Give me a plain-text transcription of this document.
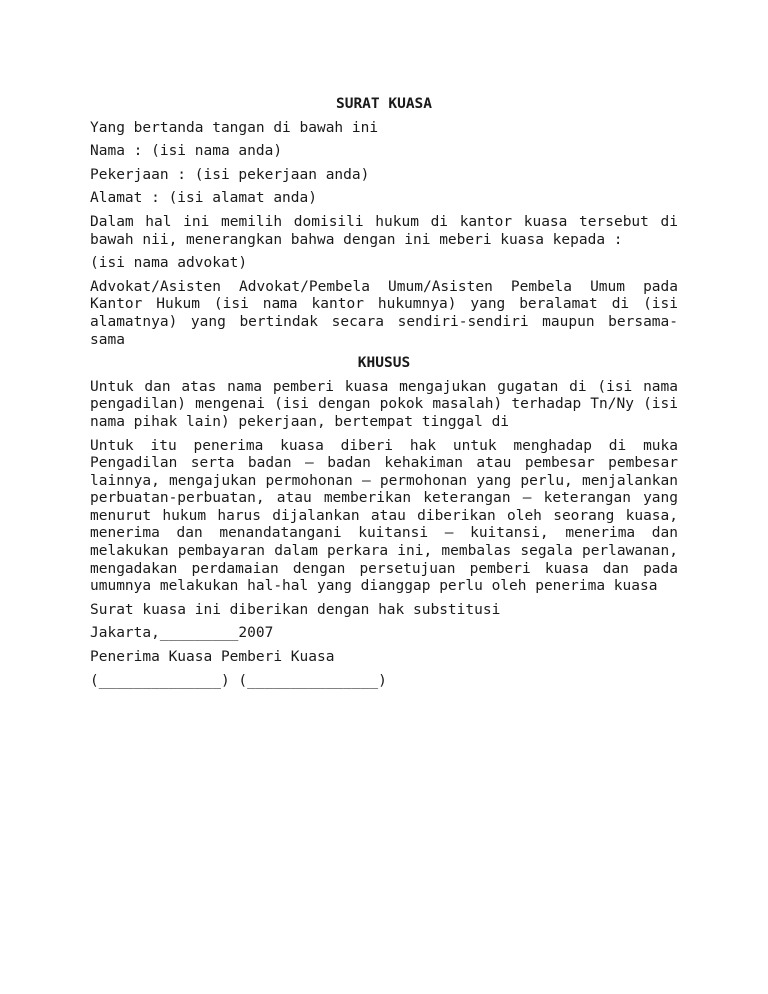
SURAT KUASA
Yang bertanda tangan di bawah ini
Nama : (isi nama anda)
Pekerjaan : (isi pekerjaan anda)
Alamat : (isi alamat anda)
Dalam hal ini memilih domisili hukum di kantor kuasa tersebut di bawah nii, menerangkan bahwa dengan ini meberi kuasa kepada :
(isi nama advokat)
Advokat/Asisten Advokat/Pembela Umum/Asisten Pembela Umum pada Kantor Hukum (isi nama kantor hukumnya) yang beralamat di (isi alamatnya) yang bertindak secara sendiri-sendiri maupun bersama-sama
KHUSUS
Untuk dan atas nama pemberi kuasa mengajukan gugatan di (isi nama pengadilan) mengenai (isi dengan pokok masalah) terhadap Tn/Ny (isi nama pihak lain) pekerjaan, bertempat tinggal di
Untuk itu penerima kuasa diberi hak untuk menghadap di muka Pengadilan serta badan – badan kehakiman atau pembesar pembesar lainnya, mengajukan permohonan – permohonan yang perlu, menjalankan perbuatan-perbuatan, atau memberikan keterangan – keterangan yang menurut hukum harus dijalankan atau diberikan oleh seorang kuasa, menerima dan menandatangani kuitansi – kuitansi, menerima dan melakukan pembayaran dalam perkara ini, membalas segala perlawanan, mengadakan perdamaian dengan persetujuan pemberi kuasa dan pada umumnya melakukan hal-hal yang dianggap perlu oleh penerima kuasa
Surat kuasa ini diberikan dengan hak substitusi
Jakarta,_________2007
Penerima Kuasa Pemberi Kuasa
(______________) (_______________)
